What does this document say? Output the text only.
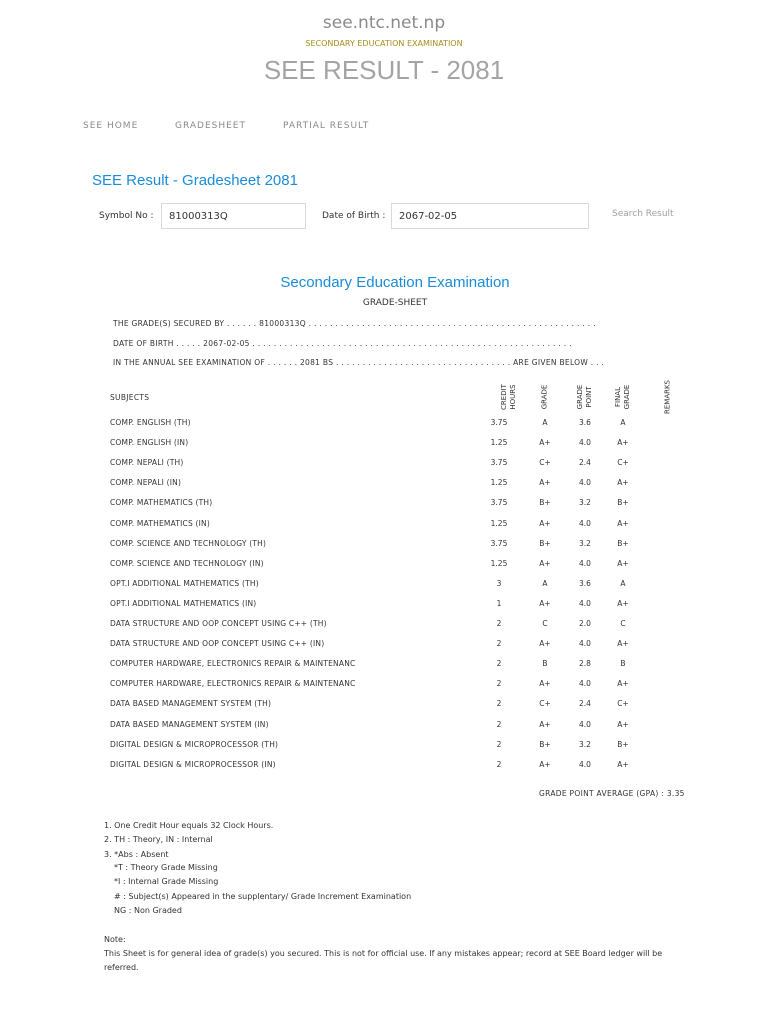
see.ntc.net.np
SECONDARY EDUCATION EXAMINATION
SEE RESULT - 2081
SEE HOME	GRADESHEET	PARTIAL RESULT
SEE Result - Gradesheet 2081
Symbol No :
81000313Q	Date of Birth :
2067-02-05	Search Result
Secondary Education Examination
GRADE-SHEET
THE GRADE(S) SECURED BY . . . . . . 81000313Q . . . . . . . . . . . . . . . . . . . . . . . . . . . . . . . . . . . . . . . . . . . . . . . . . . . . . .
DATE OF BIRTH . . . . . 2067-02-05 . . . . . . . . . . . . . . . . . . . . . . . . . . . . . . . . . . . . . . . . . . . . . . . . . . . . . . . . . . . .
IN THE ANNUAL SEE EXAMINATION OF . . . . . . 2081 BS . . . . . . . . . . . . . . . . . . . . . . . . . . . . . . . . . ARE GIVEN BELOW . . .
SUBJECTS	CREDIT HOURS	GRADE	GRADE POINT	FINAL GRADE	REMARKS
COMP. ENGLISH (TH)	3.75	A	3.6	A
COMP. ENGLISH (IN)	1.25	A+	4.0	A+
COMP. NEPALI (TH)	3.75	C+	2.4	C+
COMP. NEPALI (IN)	1.25	A+	4.0	A+
COMP. MATHEMATICS (TH)	3.75	B+	3.2	B+
COMP. MATHEMATICS (IN)	1.25	A+	4.0	A+
COMP. SCIENCE AND TECHNOLOGY (TH)	3.75	B+	3.2	B+
COMP. SCIENCE AND TECHNOLOGY (IN)	1.25	A+	4.0	A+
OPT.I ADDITIONAL MATHEMATICS (TH)	3	A	3.6	A
OPT.I ADDITIONAL MATHEMATICS (IN)	1	A+	4.0	A+
DATA STRUCTURE AND OOP CONCEPT USING C++ (TH)	2	C	2.0	C
DATA STRUCTURE AND OOP CONCEPT USING C++ (IN)	2	A+	4.0	A+
COMPUTER HARDWARE, ELECTRONICS REPAIR & MAINTENANC	2	B	2.8	B
COMPUTER HARDWARE, ELECTRONICS REPAIR & MAINTENANC	2	A+	4.0	A+
DATA BASED MANAGEMENT SYSTEM (TH)	2	C+	2.4	C+
DATA BASED MANAGEMENT SYSTEM (IN)	2	A+	4.0	A+
DIGITAL DESIGN & MICROPROCESSOR (TH)	2	B+	3.2	B+
DIGITAL DESIGN & MICROPROCESSOR (IN)	2	A+	4.0	A+
GRADE POINT AVERAGE (GPA) : 3.35
1. One Credit Hour equals 32 Clock Hours.
2. TH : Theory, IN : Internal
3. *Abs : Absent
*T : Theory Grade Missing
*I : Internal Grade Missing
# : Subject(s) Appeared in the supplentary/ Grade Increment Examination
NG : Non Graded
Note:
This Sheet is for general idea of grade(s) you secured. This is not for official use. If any mistakes appear; record at SEE Board ledger will be
referred.
